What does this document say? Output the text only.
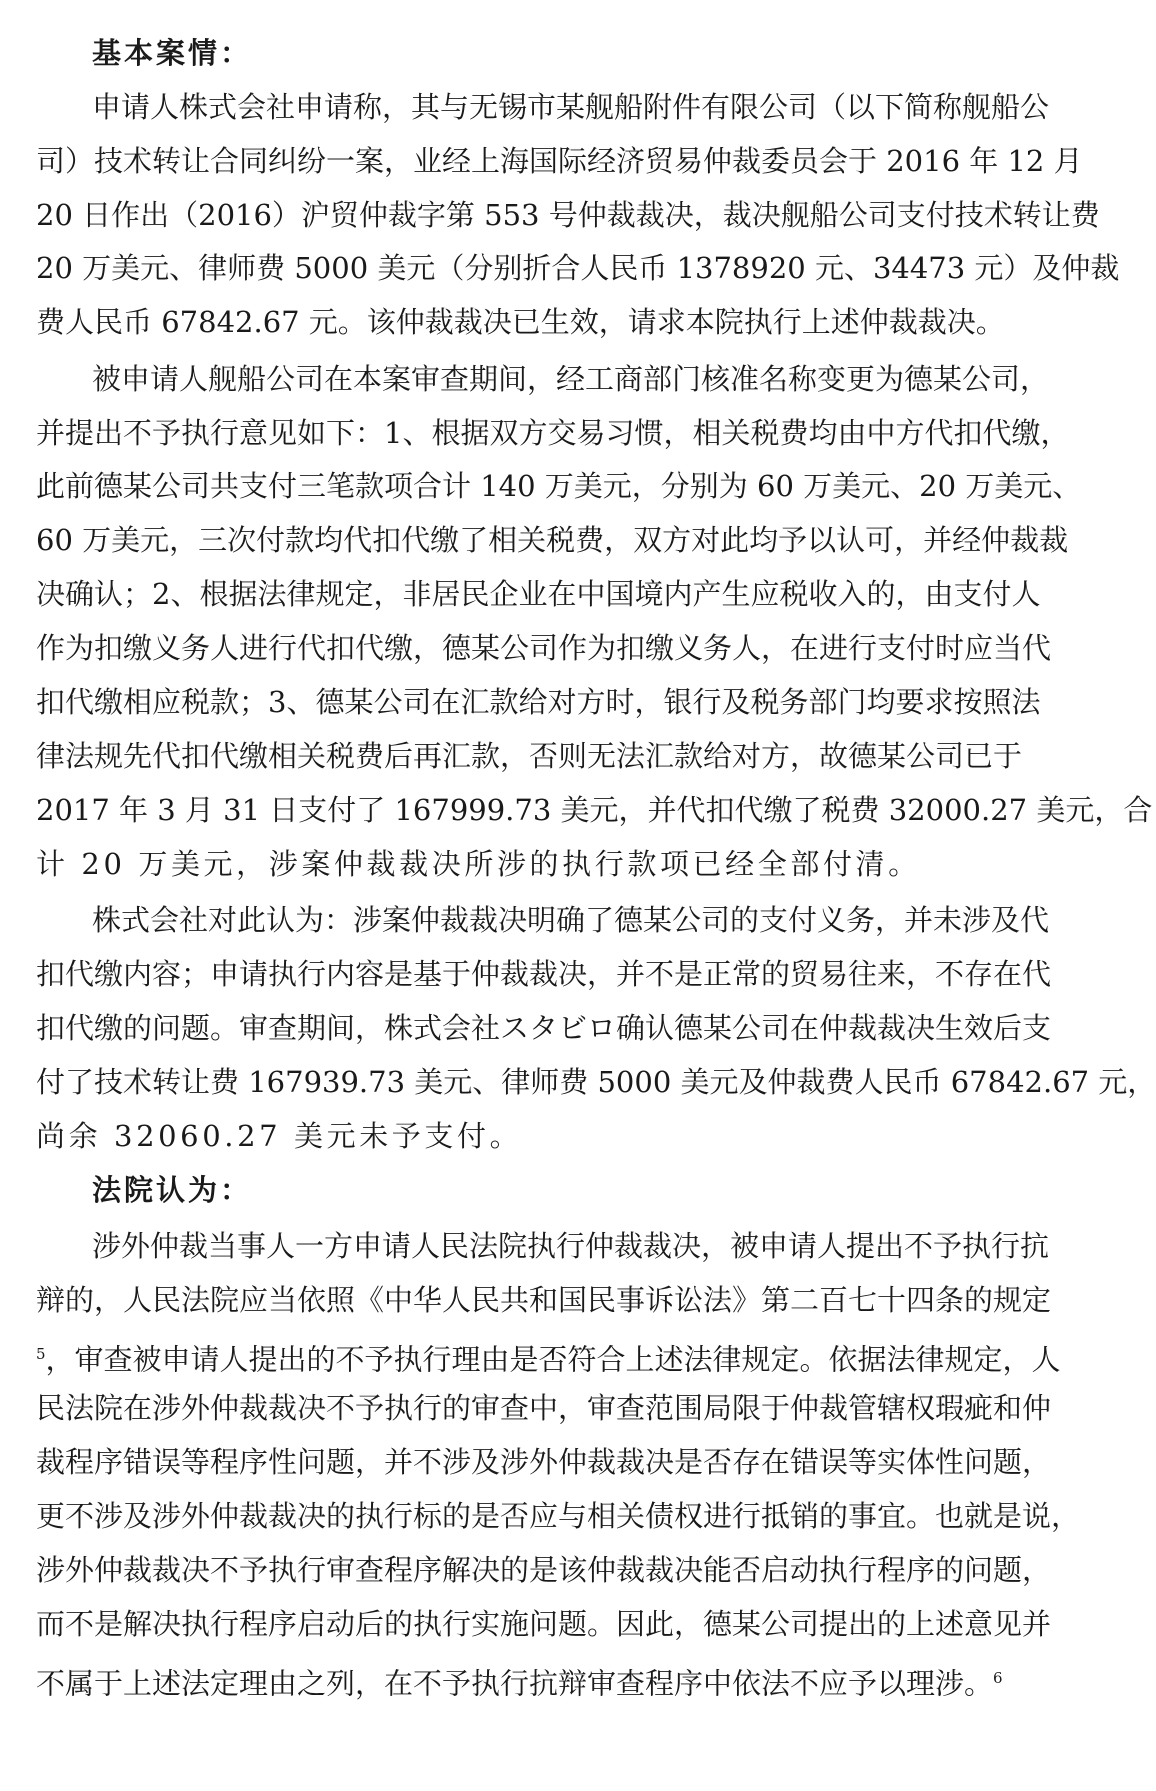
基本案情：
申请人株式会社申请称，其与无锡市某舰船附件有限公司（以下简称舰船公
司）技术转让合同纠纷一案，业经上海国际经济贸易仲裁委员会于 2016 年 12 月
20 日作出（2016）沪贸仲裁字第 553 号仲裁裁决，裁决舰船公司支付技术转让费
20 万美元、律师费 5000 美元（分别折合人民币 1378920 元、34473 元）及仲裁
费人民币 67842.67 元。该仲裁裁决已生效，请求本院执行上述仲裁裁决。
被申请人舰船公司在本案审查期间，经工商部门核准名称变更为德某公司，
并提出不予执行意见如下：1、根据双方交易习惯，相关税费均由中方代扣代缴，
此前德某公司共支付三笔款项合计 140 万美元，分别为 60 万美元、20 万美元、
60 万美元，三次付款均代扣代缴了相关税费，双方对此均予以认可，并经仲裁裁
决确认；2、根据法律规定，非居民企业在中国境内产生应税收入的，由支付人
作为扣缴义务人进行代扣代缴，德某公司作为扣缴义务人，在进行支付时应当代
扣代缴相应税款；3、德某公司在汇款给对方时，银行及税务部门均要求按照法
律法规先代扣代缴相关税费后再汇款，否则无法汇款给对方，故德某公司已于
2017 年 3 月 31 日支付了 167999.73 美元，并代扣代缴了税费 32000.27 美元，合
计 20 万美元，涉案仲裁裁决所涉的执行款项已经全部付清。
株式会社对此认为：涉案仲裁裁决明确了德某公司的支付义务，并未涉及代
扣代缴内容；申请执行内容是基于仲裁裁决，并不是正常的贸易往来，不存在代
扣代缴的问题。审查期间，株式会社スタビロ确认德某公司在仲裁裁决生效后支
付了技术转让费 167939.73 美元、律师费 5000 美元及仲裁费人民币 67842.67 元，
尚余 32060.27 美元未予支付。
法院认为：
涉外仲裁当事人一方申请人民法院执行仲裁裁决，被申请人提出不予执行抗
辩的，人民法院应当依照《中华人民共和国民事诉讼法》第二百七十四条的规定
$^5$，审查被申请人提出的不予执行理由是否符合上述法律规定。依据法律规定，人
民法院在涉外仲裁裁决不予执行的审查中，审查范围局限于仲裁管辖权瑕疵和仲
裁程序错误等程序性问题，并不涉及涉外仲裁裁决是否存在错误等实体性问题，
更不涉及涉外仲裁裁决的执行标的是否应与相关债权进行抵销的事宜。也就是说，
涉外仲裁裁决不予执行审查程序解决的是该仲裁裁决能否启动执行程序的问题，
而不是解决执行程序启动后的执行实施问题。因此，德某公司提出的上述意见并
不属于上述法定理由之列，在不予执行抗辩审查程序中依法不应予以理涉。$^6$
